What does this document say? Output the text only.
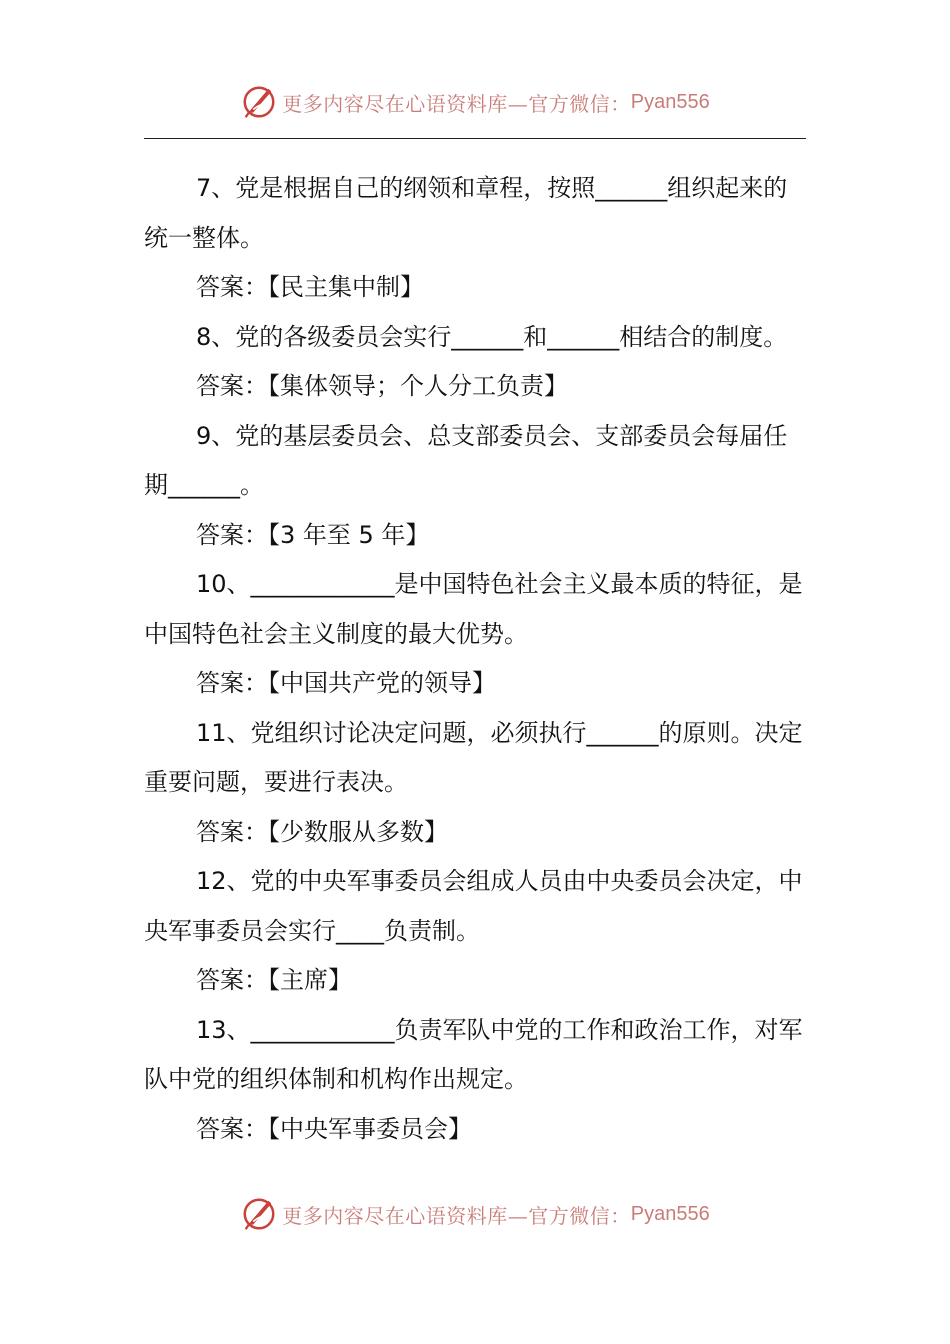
更多内容尽在心语资料库—官方微信： Pyan556

7、党是根据自己的纲领和章程，按照______组织起来的统一整体。

答案：【民主集中制】

8、党的各级委员会实行______和______相结合的制度。

答案：【集体领导；个人分工负责】

9、党的基层委员会、总支部委员会、支部委员会每届任期______。

答案：【3 年至 5 年】

10、____________是中国特色社会主义最本质的特征，是中国特色社会主义制度的最大优势。

答案：【中国共产党的领导】

11、党组织讨论决定问题，必须执行______的原则。决定重要问题，要进行表决。

答案：【少数服从多数】

12、党的中央军事委员会组成人员由中央委员会决定，中央军事委员会实行____负责制。

答案：【主席】

13、____________负责军队中党的工作和政治工作，对军队中党的组织体制和机构作出规定。

答案：【中央军事委员会】

更多内容尽在心语资料库—官方微信： Pyan556
